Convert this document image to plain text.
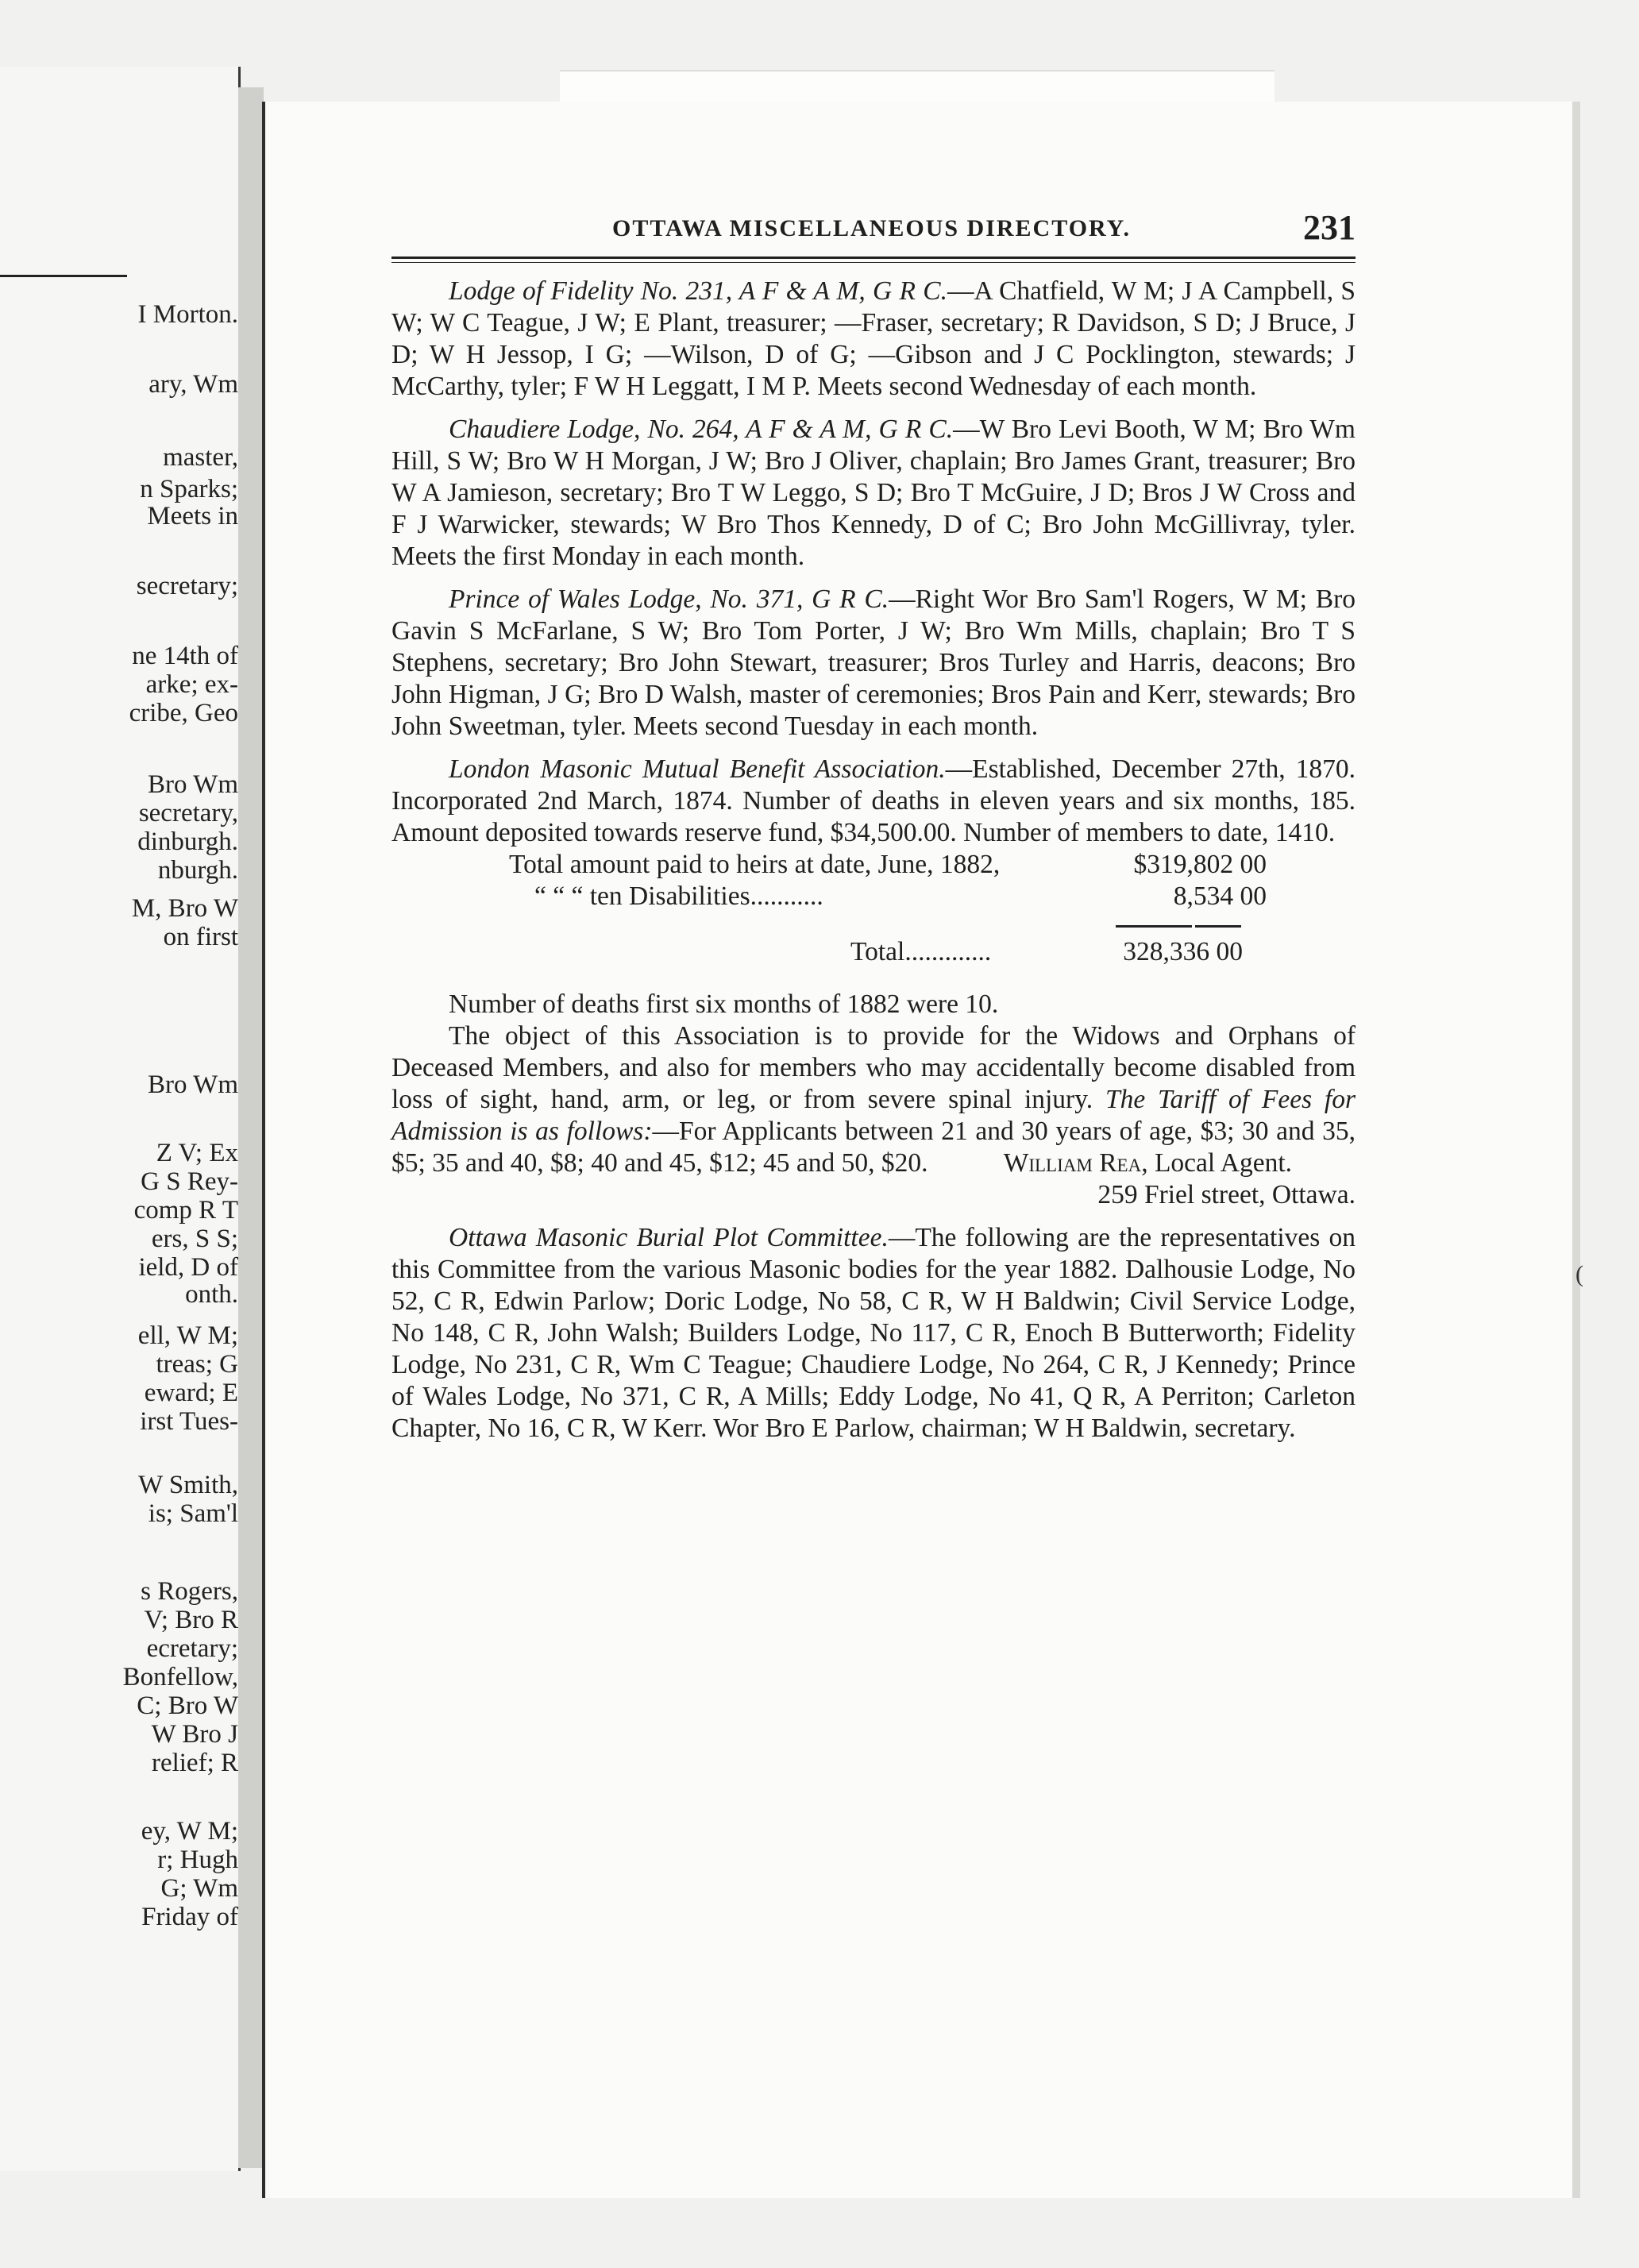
I Morton.
ary, Wm
master,
n Sparks;
Meets in
secretary;
ne 14th of
arke; ex-
cribe, Geo
Bro Wm
secretary,
dinburgh.
nburgh.
M, Bro W
on first
Bro Wm
Z V; Ex
G S Rey-
comp R T
ers, S S;
ield, D of
onth.
ell, W M;
treas; G
eward; E
irst Tues-
W Smith,
is; Sam'l
s Rogers,
V; Bro R
ecretary;
Bonfellow,
C; Bro W
W Bro J
relief; R
ey, W M;
r; Hugh
G; Wm
Friday of
(
OTTAWA MISCELLANEOUS DIRECTORY.	231

Lodge of Fidelity No. 231, A F & A M, G R C.—A Chatfield, W M; J A Campbell, S W; W C Teague, J W; E Plant, treasurer; —Fraser, secretary; R Davidson, S D; J Bruce, J D; W H Jessop, I G; —Wilson, D of G; —Gibson and J C Pocklington, stewards; J McCarthy, tyler; F W H Leggatt, I M P. Meets second Wednesday of each month.

Chaudiere Lodge, No. 264, A F & A M, G R C.—W Bro Levi Booth, W M; Bro Wm Hill, S W; Bro W H Morgan, J W; Bro J Oliver, chaplain; Bro James Grant, treasurer; Bro W A Jamieson, secretary; Bro T W Leggo, S D; Bro T McGuire, J D; Bros J W Cross and F J Warwicker, stewards; W Bro Thos Kennedy, D of C; Bro John McGillivray, tyler. Meets the first Monday in each month.

Prince of Wales Lodge, No. 371, G R C.—Right Wor Bro Sam'l Rogers, W M; Bro Gavin S McFarlane, S W; Bro Tom Porter, J W; Bro Wm Mills, chaplain; Bro T S Stephens, secretary; Bro John Stewart, treasurer; Bros Turley and Harris, deacons; Bro John Higman, J G; Bro D Walsh, master of ceremonies; Bros Pain and Kerr, stewards; Bro John Sweetman, tyler. Meets second Tuesday in each month.

London Masonic Mutual Benefit Association.—Established, December 27th, 1870. Incorporated 2nd March, 1874. Number of deaths in eleven years and six months, 185. Amount deposited towards reserve fund, $34,500.00. Number of members to date, 1410.

Total amount paid to heirs at date, June, 1882,	$319,802 00
“ “ “ ten Disabilities...........	8,534 00
Total.............	328,336 00

Number of deaths first six months of 1882 were 10.

The object of this Association is to provide for the Widows and Orphans of Deceased Members, and also for members who may accidentally become disabled from loss of sight, hand, arm, or leg, or from severe spinal injury. The Tariff of Fees for Admission is as follows:—For Applicants between 21 and 30 years of age, $3; 30 and 35, $5; 35 and 40, $8; 40 and 45, $12; 45 and 50, $20.	William Rea, Local Agent.

259 Friel street, Ottawa.

Ottawa Masonic Burial Plot Committee.—The following are the representatives on this Committee from the various Masonic bodies for the year 1882. Dalhousie Lodge, No 52, C R, Edwin Parlow; Doric Lodge, No 58, C R, W H Baldwin; Civil Service Lodge, No 148, C R, John Walsh; Builders Lodge, No 117, C R, Enoch B Butterworth; Fidelity Lodge, No 231, C R, Wm C Teague; Chaudiere Lodge, No 264, C R, J Kennedy; Prince of Wales Lodge, No 371, C R, A Mills; Eddy Lodge, No 41, Q R, A Perriton; Carleton Chapter, No 16, C R, W Kerr. Wor Bro E Parlow, chairman; W H Baldwin, secretary.
